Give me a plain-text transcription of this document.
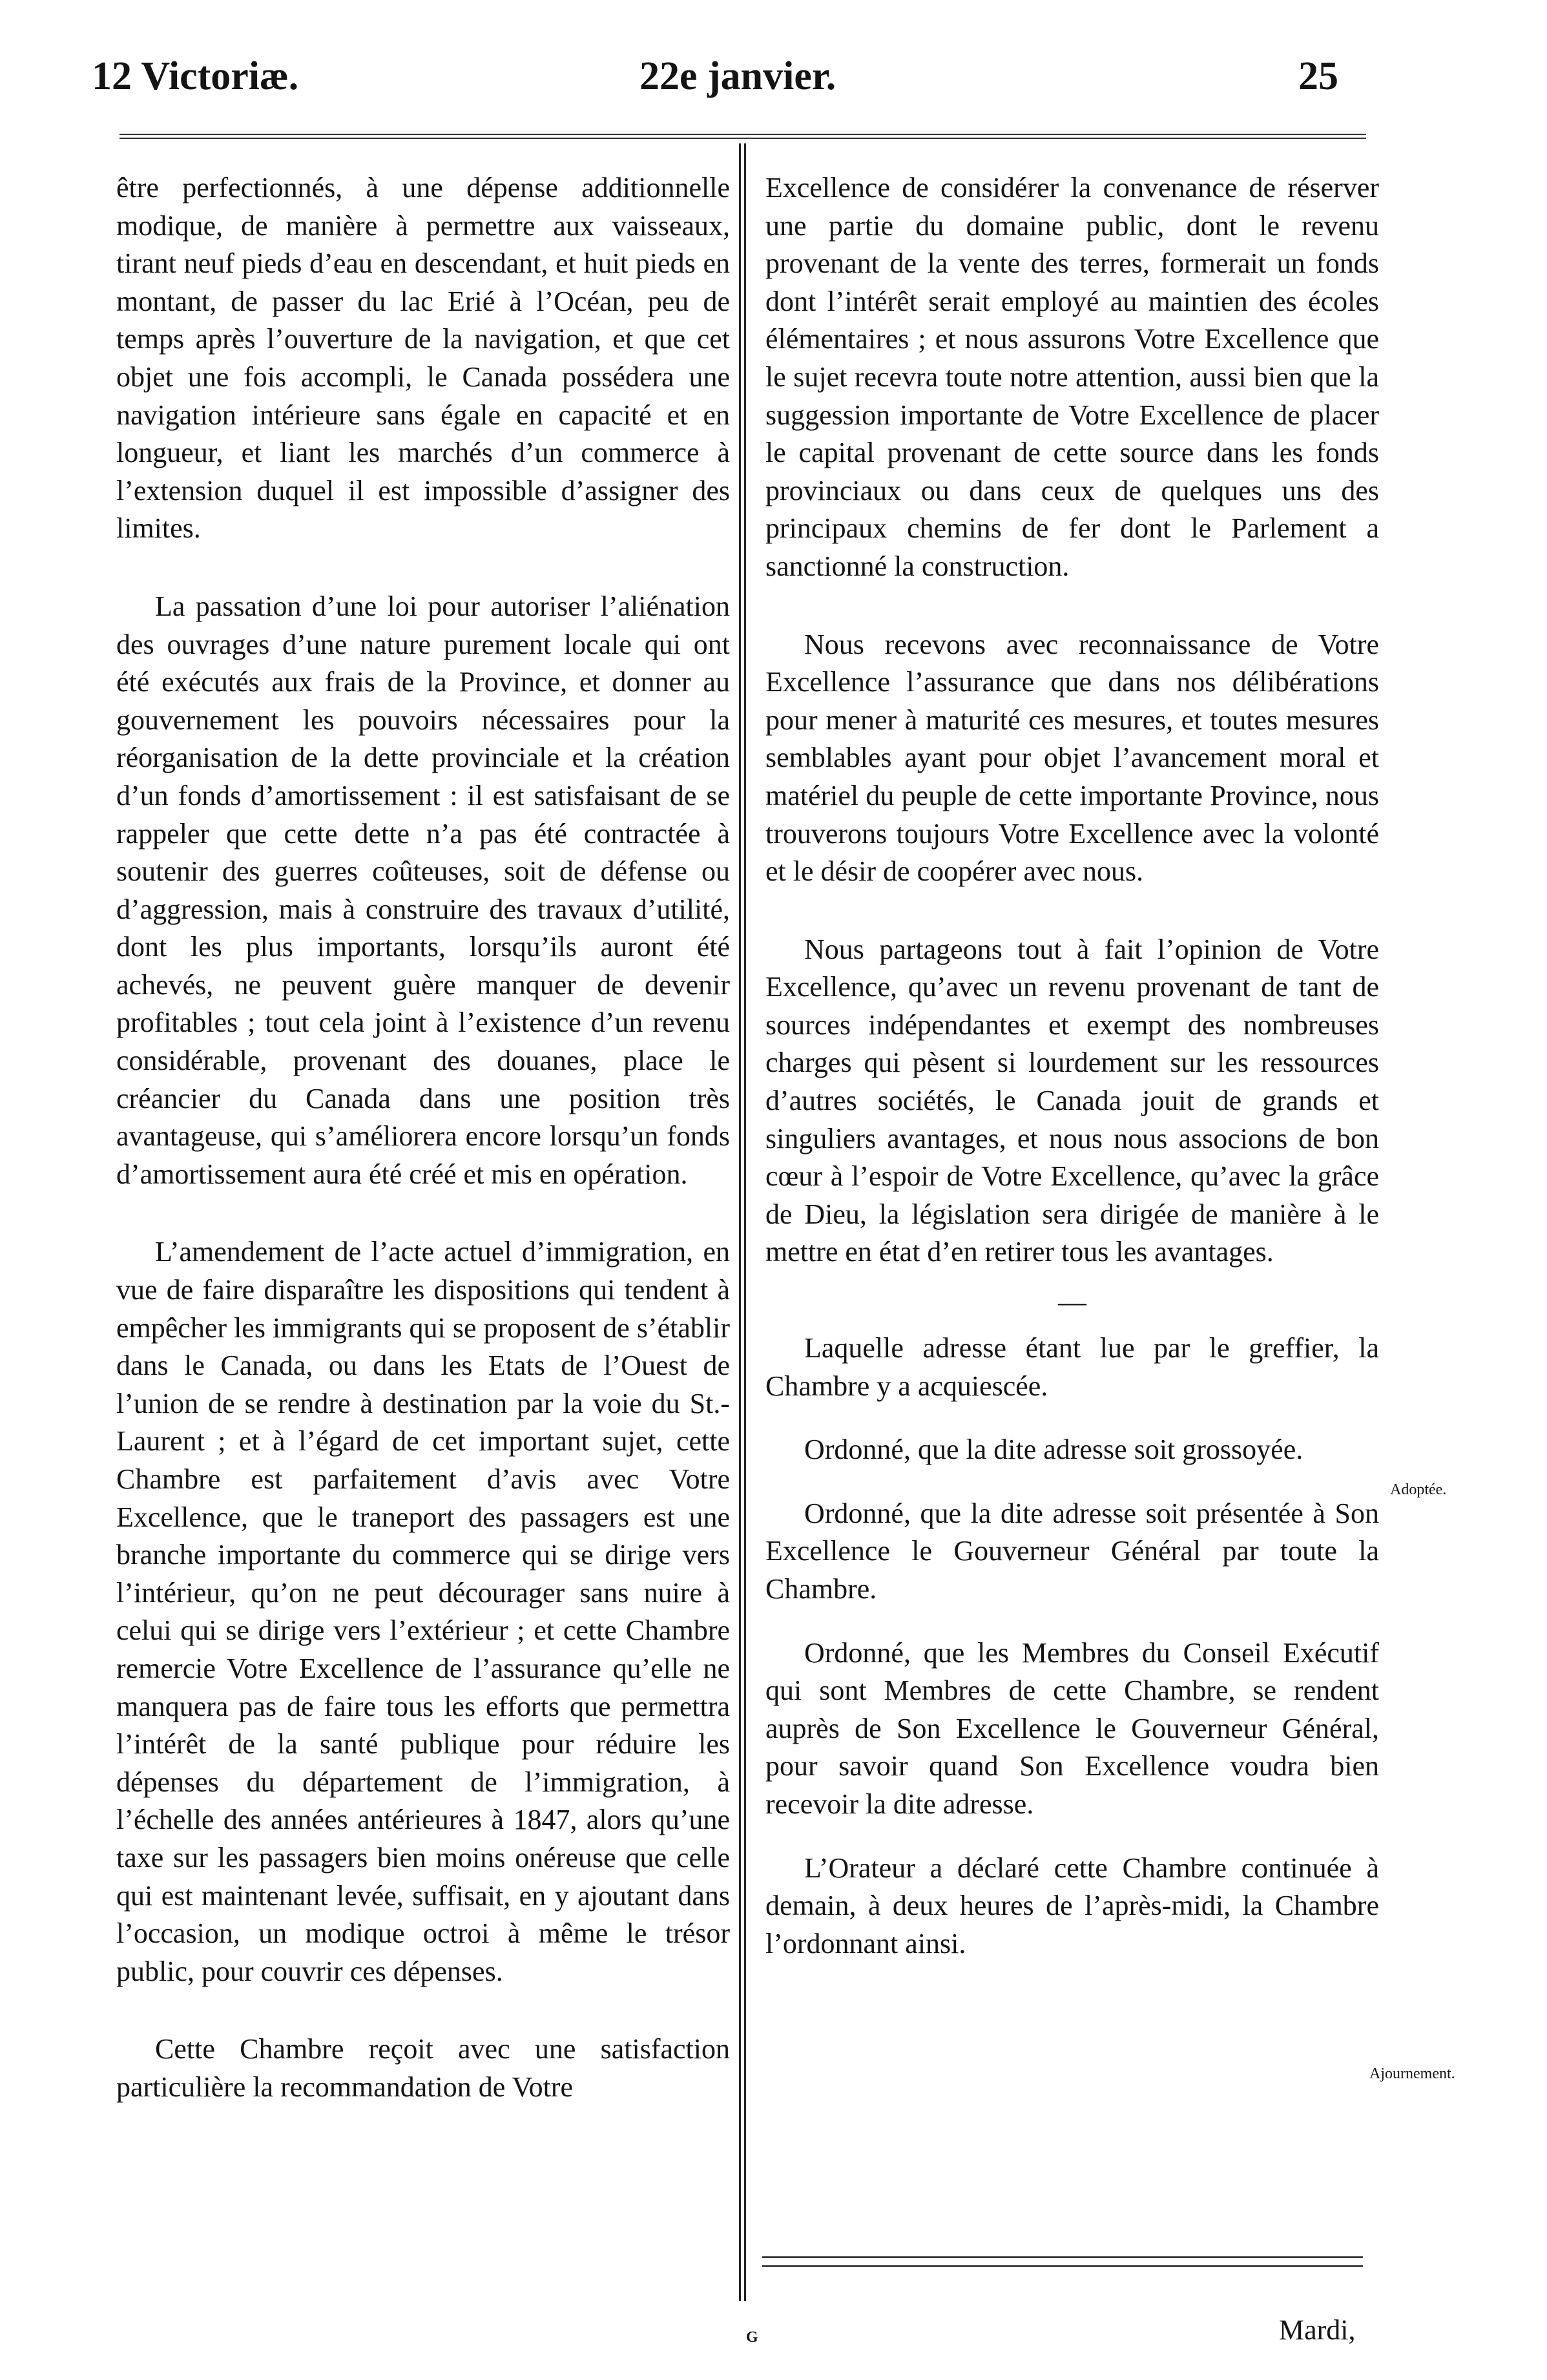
12 Victoriæ.	22e janvier.	25

être perfectionnés, à une dépense additionnelle modique, de manière à permettre aux vaisseaux, tirant neuf pieds d’eau en descendant, et huit pieds en montant, de passer du lac Erié à l’Océan, peu de temps après l’ouverture de la navigation, et que cet objet une fois accompli, le Canada possédera une navigation intérieure sans égale en capacité et en longueur, et liant les marchés d’un commerce à l’extension duquel il est impossible d’assigner des limites.

La passation d’une loi pour autoriser l’aliénation des ouvrages d’une nature purement locale qui ont été exécutés aux frais de la Province, et donner au gouvernement les pouvoirs nécessaires pour la réorganisation de la dette provinciale et la création d’un fonds d’amortissement : il est satisfaisant de se rappeler que cette dette n’a pas été contractée à soutenir des guerres coûteuses, soit de défense ou d’aggression, mais à construire des travaux d’utilité, dont les plus importants, lorsqu’ils auront été achevés, ne peuvent guère manquer de devenir profitables ; tout cela joint à l’existence d’un revenu considérable, provenant des douanes, place le créancier du Canada dans une position très avantageuse, qui s’améliorera encore lorsqu’un fonds d’amortissement aura été créé et mis en opération.

L’amendement de l’acte actuel d’immigration, en vue de faire disparaître les dispositions qui tendent à empêcher les immigrants qui se proposent de s’établir dans le Canada, ou dans les Etats de l’Ouest de l’union de se rendre à destination par la voie du St.-Laurent ; et à l’égard de cet important sujet, cette Chambre est parfaitement d’avis avec Votre Excellence, que le traneport des passagers est une branche importante du commerce qui se dirige vers l’intérieur, qu’on ne peut décourager sans nuire à celui qui se dirige vers l’extérieur ; et cette Chambre remercie Votre Excellence de l’assurance qu’elle ne manquera pas de faire tous les efforts que permettra l’intérêt de la santé publique pour réduire les dépenses du département de l’immigration, à l’échelle des années antérieures à 1847, alors qu’une taxe sur les passagers bien moins onéreuse que celle qui est maintenant levée, suffisait, en y ajoutant dans l’occasion, un modique octroi à même le trésor public, pour couvrir ces dépenses.

Cette Chambre reçoit avec une satisfaction particulière la recommandation de Votre

Excellence de considérer la convenance de réserver une partie du domaine public, dont le revenu provenant de la vente des terres, formerait un fonds dont l’intérêt serait employé au maintien des écoles élémentaires ; et nous assurons Votre Excellence que le sujet recevra toute notre attention, aussi bien que la suggession importante de Votre Excellence de placer le capital provenant de cette source dans les fonds provinciaux ou dans ceux de quelques uns des principaux chemins de fer dont le Parlement a sanctionné la construction.

Nous recevons avec reconnaissance de Votre Excellence l’assurance que dans nos délibérations pour mener à maturité ces mesures, et toutes mesures semblables ayant pour objet l’avancement moral et matériel du peuple de cette importante Province, nous trouverons toujours Votre Excellence avec la volonté et le désir de coopérer avec nous.

Nous partageons tout à fait l’opinion de Votre Excellence, qu’avec un revenu provenant de tant de sources indépendantes et exempt des nombreuses charges qui pèsent si lourdement sur les ressources d’autres sociétés, le Canada jouit de grands et singuliers avantages, et nous nous associons de bon cœur à l’espoir de Votre Excellence, qu’avec la grâce de Dieu, la législation sera dirigée de manière à le mettre en état d’en retirer tous les avantages.

—

Laquelle adresse étant lue par le greffier, la Chambre y a acquiescée.

Ordonné, que la dite adresse soit grossoyée.

Ordonné, que la dite adresse soit présentée à Son Excellence le Gouverneur Général par toute la Chambre.

Ordonné, que les Membres du Conseil Exécutif qui sont Membres de cette Chambre, se rendent auprès de Son Excellence le Gouverneur Général, pour savoir quand Son Excellence voudra bien recevoir la dite adresse.

L’Orateur a déclaré cette Chambre continuée à demain, à deux heures de l’après-midi, la Chambre l’ordonnant ainsi.

Adoptée.
Ajournement.
Mardi,
G
